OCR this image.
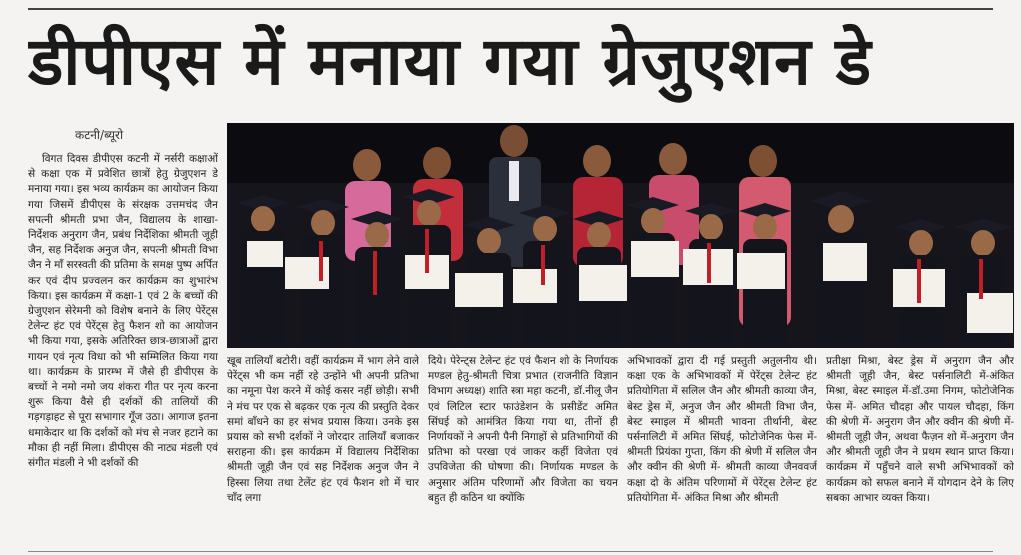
डीपीएस में मनाया गया ग्रेजुएशन डे
कटनी/ब्यूरो
विगत दिवस डीपीएस कटनी में नर्सरी कक्षाओं से कक्षा एक में प्रवेशित छात्रों हेतु ग्रेजुएशन डे मनाया गया। इस भव्य कार्यक्रम का आयोजन किया गया जिसमें डीपीएस के संरक्षक उत्तमचंद जैन सपत्नी श्रीमती प्रभा जैन, विद्यालय के शाखा-निर्देशक अनुराग जैन, प्रबंध निर्देशिका श्रीमती जूही जैन, सह निर्देशक अनुज जैन, सपत्नी श्रीमती विभा जैन ने माँ सरस्वती की प्रतिमा के समक्ष पुष्प अर्पित कर एवं दीप प्रज्वलन कर कार्यक्रम का शुभारंभ किया। इस कार्यक्रम में कक्षा-1 एवं 2 के बच्चों की ग्रेजुएशन सेरेमनी को विशेष बनाने के लिए पेरेंट्स टेलेन्ट हंट एवं पेरेंट्स हेतु फैशन शो का आयोजन भी किया गया, इसके अतिरिक्त छात्र-छात्राओं द्वारा गायन एवं नृत्य विधा को भी सम्मिलित किया गया था। कार्यक्रम के प्रारम्भ में जैसे ही डीपीएस के बच्चों ने नमो नमो जय शंकरा गीत पर नृत्य करना शुरू किया वैसे ही दर्शकों की तालियों की गड़गड़ाहट से पूरा सभागार गूँज उठा। आगाज इतना धमाकेदार था कि दर्शकों को मंच से नजर हटाने का मौका ही नहीं मिला। डीपीएस की नाट्य मंडली एवं संगीत मंडली ने भी दर्शकों की
खूब तालियाँ बटोरी। वहीं कार्यक्रम में भाग लेने वाले पेरेंट्स भी कम नहीं रहे उन्होंने भी अपनी प्रतिभा का नमूना पेश करने में कोई कसर नहीं छोड़ी। सभी ने मंच पर एक से बढ़कर एक नृत्य की प्रस्तुति देकर समां बाँधने का हर संभव प्रयास किया। उनके इस प्रयास को सभी दर्शकों ने जोरदार तालियाँ बजाकर सराहना की। इस कार्यक्रम में विद्यालय निर्देशिका श्रीमती जूही जैन एवं सह निर्देशक अनुज जैन ने हिस्सा लिया तथा टेलेंट हंट एवं फैशन शो में चार चाँद लगा
दिये। पेरेन्ट्स टेलेन्ट हंट एवं फैशन शो के निर्णायक मण्डल हेतु-श्रीमती चित्रा प्रभात (राजनीति विज्ञान विभाग अध्यक्ष) शाति स्त्रा महा कटनी, डॉ.नीलू जैन एवं लिटिल स्टार फाउंडेशन के प्रसीडेंट अमित सिंघई को आमंत्रित किया गया था, तीनों ही निर्णायकों ने अपनी पैनी निगाहों से प्रतिभागियों की प्रतिभा को परखा एवं जाकर कहीं विजेता एवं उपविजेता की घोषणा की। निर्णायक मण्डल के अनुसार अंतिम परिणामों और विजेता का चयन बहुत ही कठिन था क्योंकि
अभिभावकों द्वारा दी गई प्रस्तुती अतुलनीय थी। कक्षा एक के अभिभावकों में पेरेंट्स टेलेन्ट हंट प्रतियोगिता में सलिल जैन और श्रीमती काव्या जैन, बेस्ट ड्रेस में, अनुज जैन और श्रीमती विभा जैन, बेस्ट स्माइल में श्रीमती भावना तीर्थानी, बेस्ट पर्सनालिटी में अमित सिंघई, फोटोजेनिक फेस में-श्रीमती प्रियंका गुप्ता, किंग की श्रेणी में सलिल जैन और क्वीन की श्रेणी में- श्रीमती काव्या जैनववर्ज कक्षा दो के अंतिम परिणामों में पेरेंट्स टेलेन्ट हंट प्रतियोगिता में- अंकित मिश्रा और श्रीमती
प्रतीक्षा मिश्रा, बेस्ट ड्रेस में अनुराग जैन और श्रीमती जूही जैन, बेस्ट पर्सनालिटी में-अंकित मिश्रा, बेस्ट स्माइल में-डॉ.उमा निगम, फोटोजेनिक फेस में- अमित चौदहा और पायल चौदहा, किंग की श्रेणी में- अनुराग जैन और क्वीन की श्रेणी में-श्रीमती जूही जैन, अथवा फैज़न शो में-अनुराग जैन और श्रीमती जूही जैन ने प्रथम स्थान प्राप्त किया। कार्यक्रम में पहुँचने वाले सभी अभिभावकों को कार्यक्रम को सफल बनाने में योगदान देने के लिए सबका आभार व्यक्त किया।
